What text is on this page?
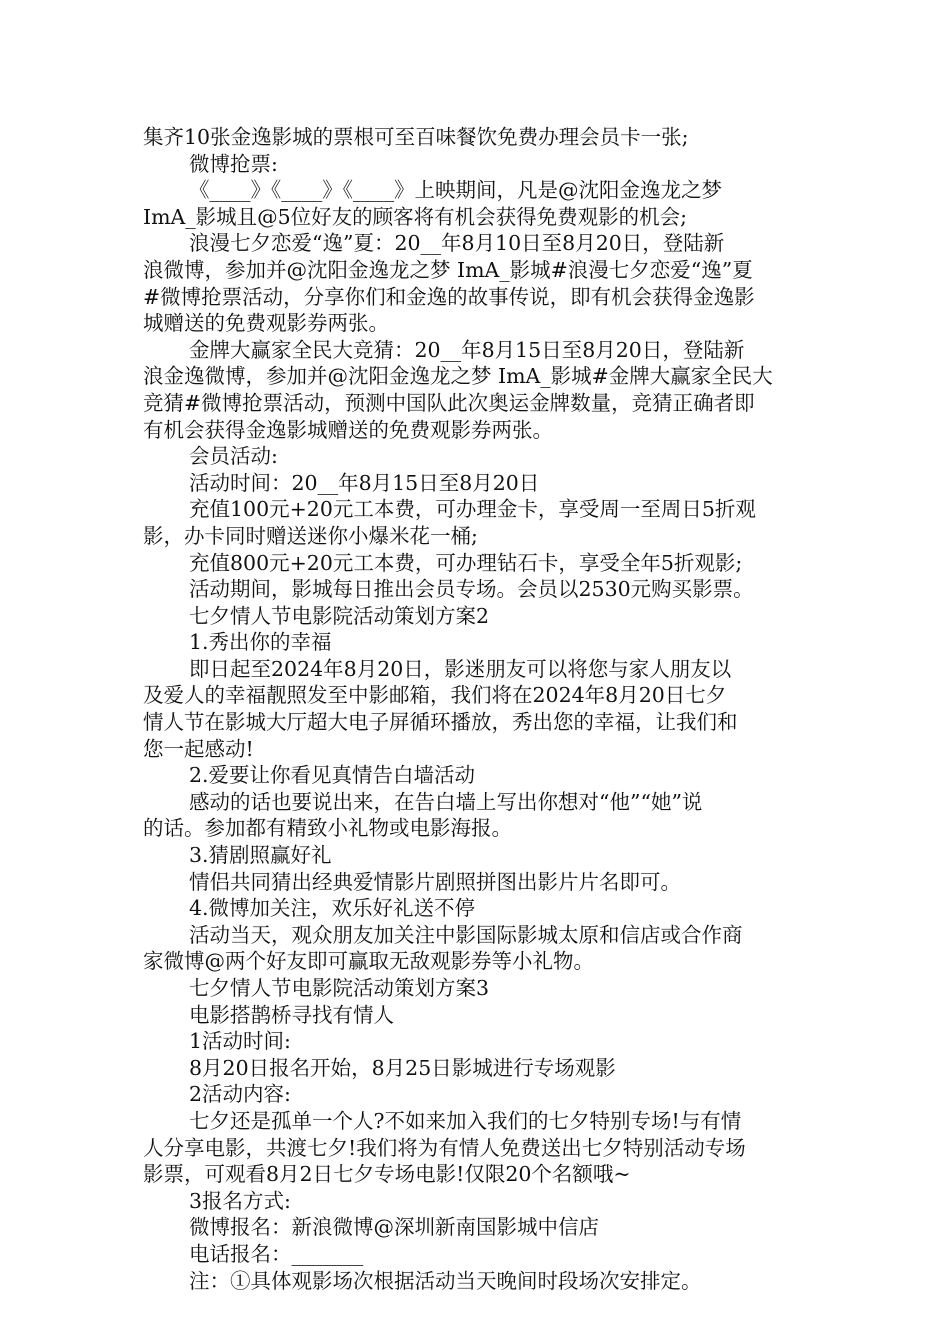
集齐10张金逸影城的票根可至百味餐饮免费办理会员卡一张;
微博抢票:
《____》《____》《____》上映期间，凡是@沈阳金逸龙之梦
ImA_影城且@5位好友的顾客将有机会获得免费观影的机会;
浪漫七夕恋爱“逸”夏：20__年8月10日至8月20日，登陆新
浪微博，参加并@沈阳金逸龙之梦 ImA_影城#浪漫七夕恋爱“逸”夏
#微博抢票活动，分享你们和金逸的故事传说，即有机会获得金逸影
城赠送的免费观影券两张。
金牌大赢家全民大竞猜：20__年8月15日至8月20日，登陆新
浪金逸微博，参加并@沈阳金逸龙之梦 ImA_影城#金牌大赢家全民大
竞猜#微博抢票活动，预测中国队此次奥运金牌数量，竞猜正确者即
有机会获得金逸影城赠送的免费观影券两张。
会员活动:
活动时间：20__年8月15日至8月20日
充值100元+20元工本费，可办理金卡，享受周一至周日5折观
影，办卡同时赠送迷你小爆米花一桶;
充值800元+20元工本费，可办理钻石卡，享受全年5折观影;
活动期间，影城每日推出会员专场。会员以2530元购买影票。
七夕情人节电影院活动策划方案2
1.秀出你的幸福
即日起至2024年8月20日，影迷朋友可以将您与家人朋友以
及爱人的幸福靓照发至中影邮箱，我们将在2024年8月20日七夕
情人节在影城大厅超大电子屏循环播放，秀出您的幸福，让我们和
您一起感动!
2.爱要让你看见真情告白墙活动
感动的话也要说出来，在告白墙上写出你想对“他”“她”说
的话。参加都有精致小礼物或电影海报。
3.猜剧照赢好礼
情侣共同猜出经典爱情影片剧照拼图出影片片名即可。
4.微博加关注，欢乐好礼送不停
活动当天，观众朋友加关注中影国际影城太原和信店或合作商
家微博@两个好友即可赢取无敌观影券等小礼物。
七夕情人节电影院活动策划方案3
电影搭鹊桥寻找有情人
1活动时间:
8月20日报名开始，8月25日影城进行专场观影
2活动内容:
七夕还是孤单一个人?不如来加入我们的七夕特别专场!与有情
人分享电影，共渡七夕!我们将为有情人免费送出七夕特别活动专场
影票，可观看8月2日七夕专场电影!仅限20个名额哦~
3报名方式:
微博报名：新浪微博@深圳新南国影城中信店
电话报名：_______
注：①具体观影场次根据活动当天晚间时段场次安排定。
